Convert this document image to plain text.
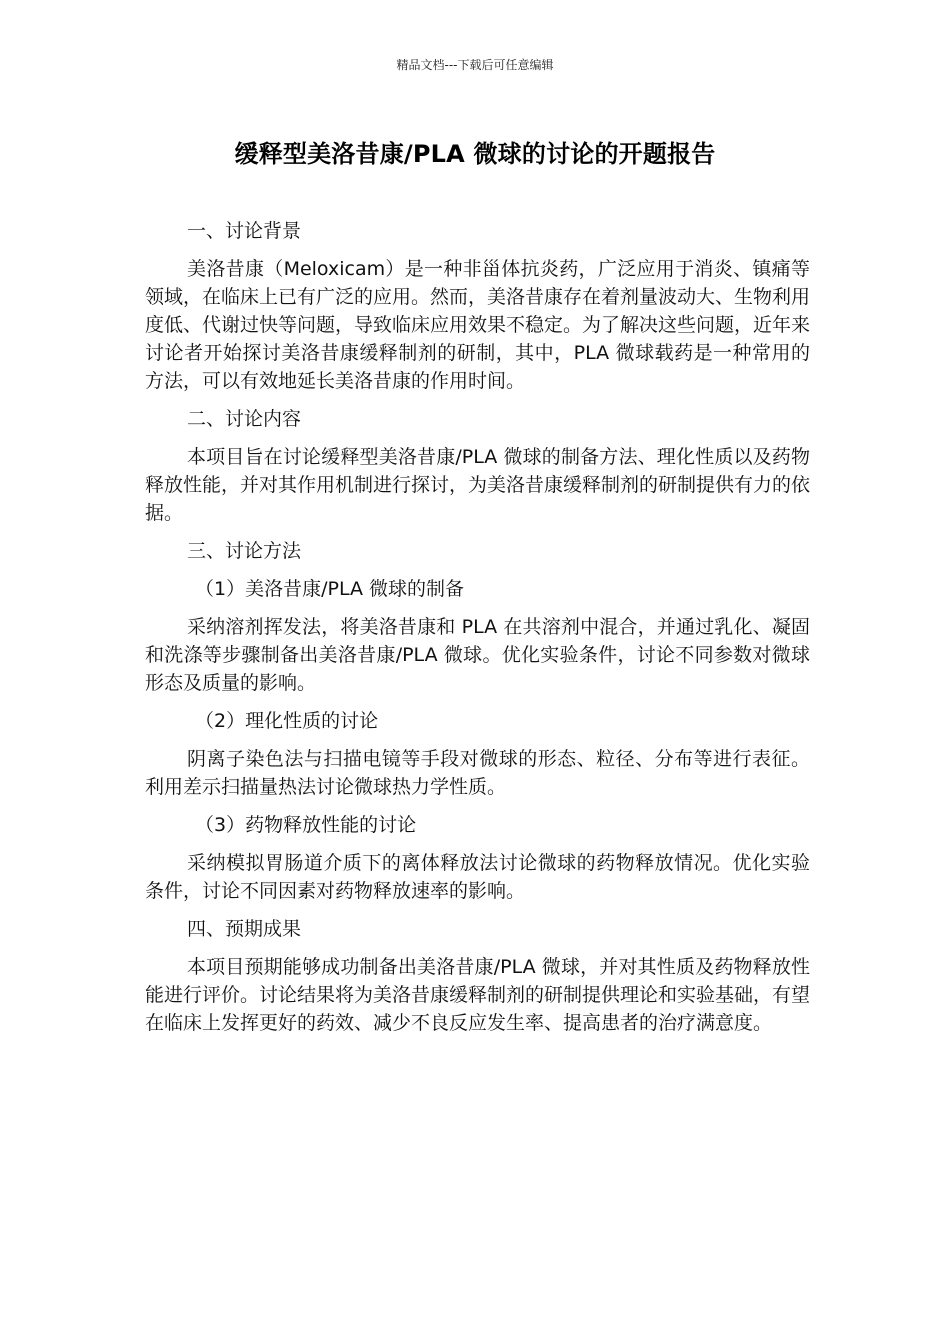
精品文档---下载后可任意编辑
缓释型美洛昔康/PLA 微球的讨论的开题报告
一、讨论背景
美洛昔康（Meloxicam）是一种非甾体抗炎药，广泛应用于消炎、镇痛等领域，在临床上已有广泛的应用。然而，美洛昔康存在着剂量波动大、生物利用度低、代谢过快等问题，导致临床应用效果不稳定。为了解决这些问题，近年来讨论者开始探讨美洛昔康缓释制剂的研制，其中，PLA 微球载药是一种常用的方法，可以有效地延长美洛昔康的作用时间。
二、讨论内容
本项目旨在讨论缓释型美洛昔康/PLA 微球的制备方法、理化性质以及药物释放性能，并对其作用机制进行探讨，为美洛昔康缓释制剂的研制提供有力的依据。
三、讨论方法
（1）美洛昔康/PLA 微球的制备
采纳溶剂挥发法，将美洛昔康和 PLA 在共溶剂中混合，并通过乳化、凝固和洗涤等步骤制备出美洛昔康/PLA 微球。优化实验条件，讨论不同参数对微球形态及质量的影响。
（2）理化性质的讨论
阴离子染色法与扫描电镜等手段对微球的形态、粒径、分布等进行表征。利用差示扫描量热法讨论微球热力学性质。
（3）药物释放性能的讨论
采纳模拟胃肠道介质下的离体释放法讨论微球的药物释放情况。优化实验条件，讨论不同因素对药物释放速率的影响。
四、预期成果
本项目预期能够成功制备出美洛昔康/PLA 微球，并对其性质及药物释放性能进行评价。讨论结果将为美洛昔康缓释制剂的研制提供理论和实验基础，有望在临床上发挥更好的药效、减少不良反应发生率、提高患者的治疗满意度。
